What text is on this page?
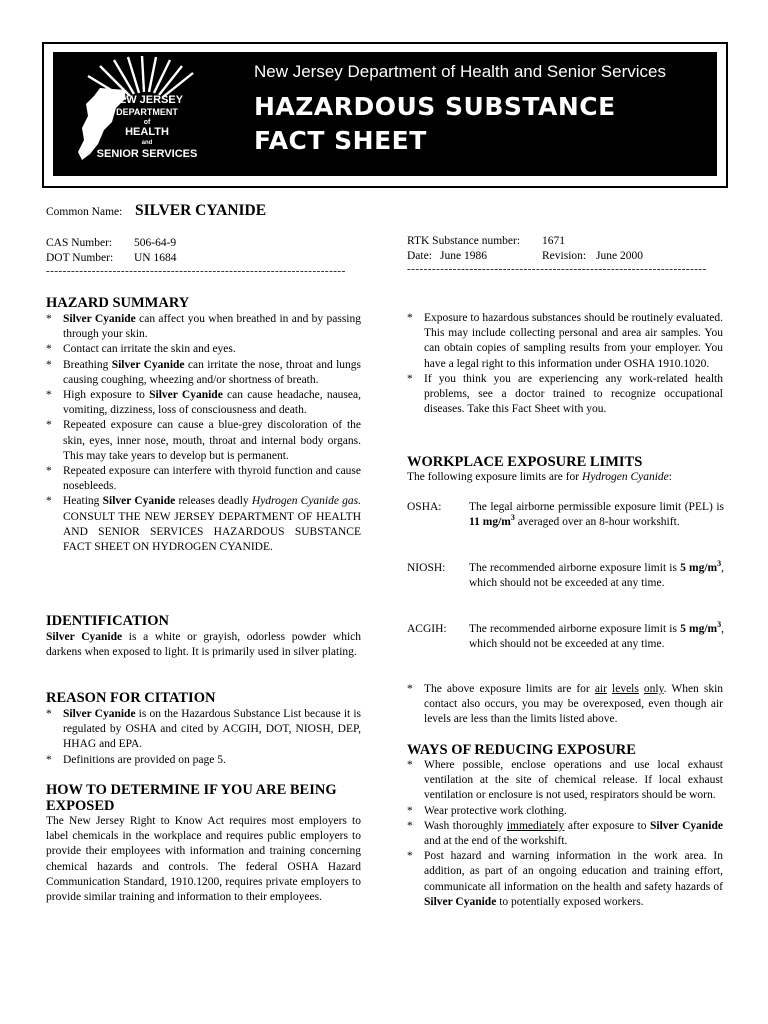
NEW JERSEY
DEPARTMENT
of
HEALTH
and
SENIOR SERVICES
New Jersey Department of Health and Senior Services
HAZARDOUS SUBSTANCE
FACT SHEET
Common Name: SILVER CYANIDE
CAS Number: 506-64-9
DOT Number: UN 1684
------------------------------------------------------------------------
RTK Substance number: 1671
Date: June 1986	Revision: June 2000
------------------------------------------------------------------------
HAZARD SUMMARY

* Silver Cyanide can affect you when breathed in and by passing through your skin.

* Contact can irritate the skin and eyes.

* Breathing Silver Cyanide can irritate the nose, throat and lungs causing coughing, wheezing and/or shortness of breath.

* High exposure to Silver Cyanide can cause headache, nausea, vomiting, dizziness, loss of consciousness and death.

* Repeated exposure can cause a blue-grey discoloration of the skin, eyes, inner nose, mouth, throat and internal body organs. This may take years to develop but is permanent.

* Repeated exposure can interfere with thyroid function and cause nosebleeds.

* Heating Silver Cyanide releases deadly Hydrogen Cyanide gas. CONSULT THE NEW JERSEY DEPARTMENT OF HEALTH AND SENIOR SERVICES HAZARDOUS SUBSTANCE FACT SHEET ON HYDROGEN CYANIDE.

IDENTIFICATION

Silver Cyanide is a white or grayish, odorless powder which darkens when exposed to light. It is primarily used in silver plating.

REASON FOR CITATION

* Silver Cyanide is on the Hazardous Substance List because it is regulated by OSHA and cited by ACGIH, DOT, NIOSH, DEP, HHAG and EPA.

* Definitions are provided on page 5.

HOW TO DETERMINE IF YOU ARE BEING EXPOSED

The New Jersey Right to Know Act requires most employers to label chemicals in the workplace and requires public employers to provide their employees with information and training concerning chemical hazards and controls. The federal OSHA Hazard Communication Standard, 1910.1200, requires private employers to provide similar training and information to their employees.

* Exposure to hazardous substances should be routinely evaluated. This may include collecting personal and area air samples. You can obtain copies of sampling results from your employer. You have a legal right to this information under OSHA 1910.1020.

* If you think you are experiencing any work-related health problems, see a doctor trained to recognize occupational diseases. Take this Fact Sheet with you.

WORKPLACE EXPOSURE LIMITS

The following exposure limits are for Hydrogen Cyanide:

OSHA: The legal airborne permissible exposure limit (PEL) is 11 $mg/m^3$ averaged over an 8-hour workshift.
NIOSH: The recommended airborne exposure limit is 5 $mg/m^3$, which should not be exceeded at any time.
ACGIH: The recommended airborne exposure limit is 5 $mg/m^3$, which should not be exceeded at any time.

* The above exposure limits are for air levels only. When skin contact also occurs, you may be overexposed, even though air levels are less than the limits listed above.

WAYS OF REDUCING EXPOSURE

* Where possible, enclose operations and use local exhaust ventilation at the site of chemical release. If local exhaust ventilation or enclosure is not used, respirators should be worn.

* Wear protective work clothing.

* Wash thoroughly immediately after exposure to Silver Cyanide and at the end of the workshift.

* Post hazard and warning information in the work area. In addition, as part of an ongoing education and training effort, communicate all information on the health and safety hazards of Silver Cyanide to potentially exposed workers.
